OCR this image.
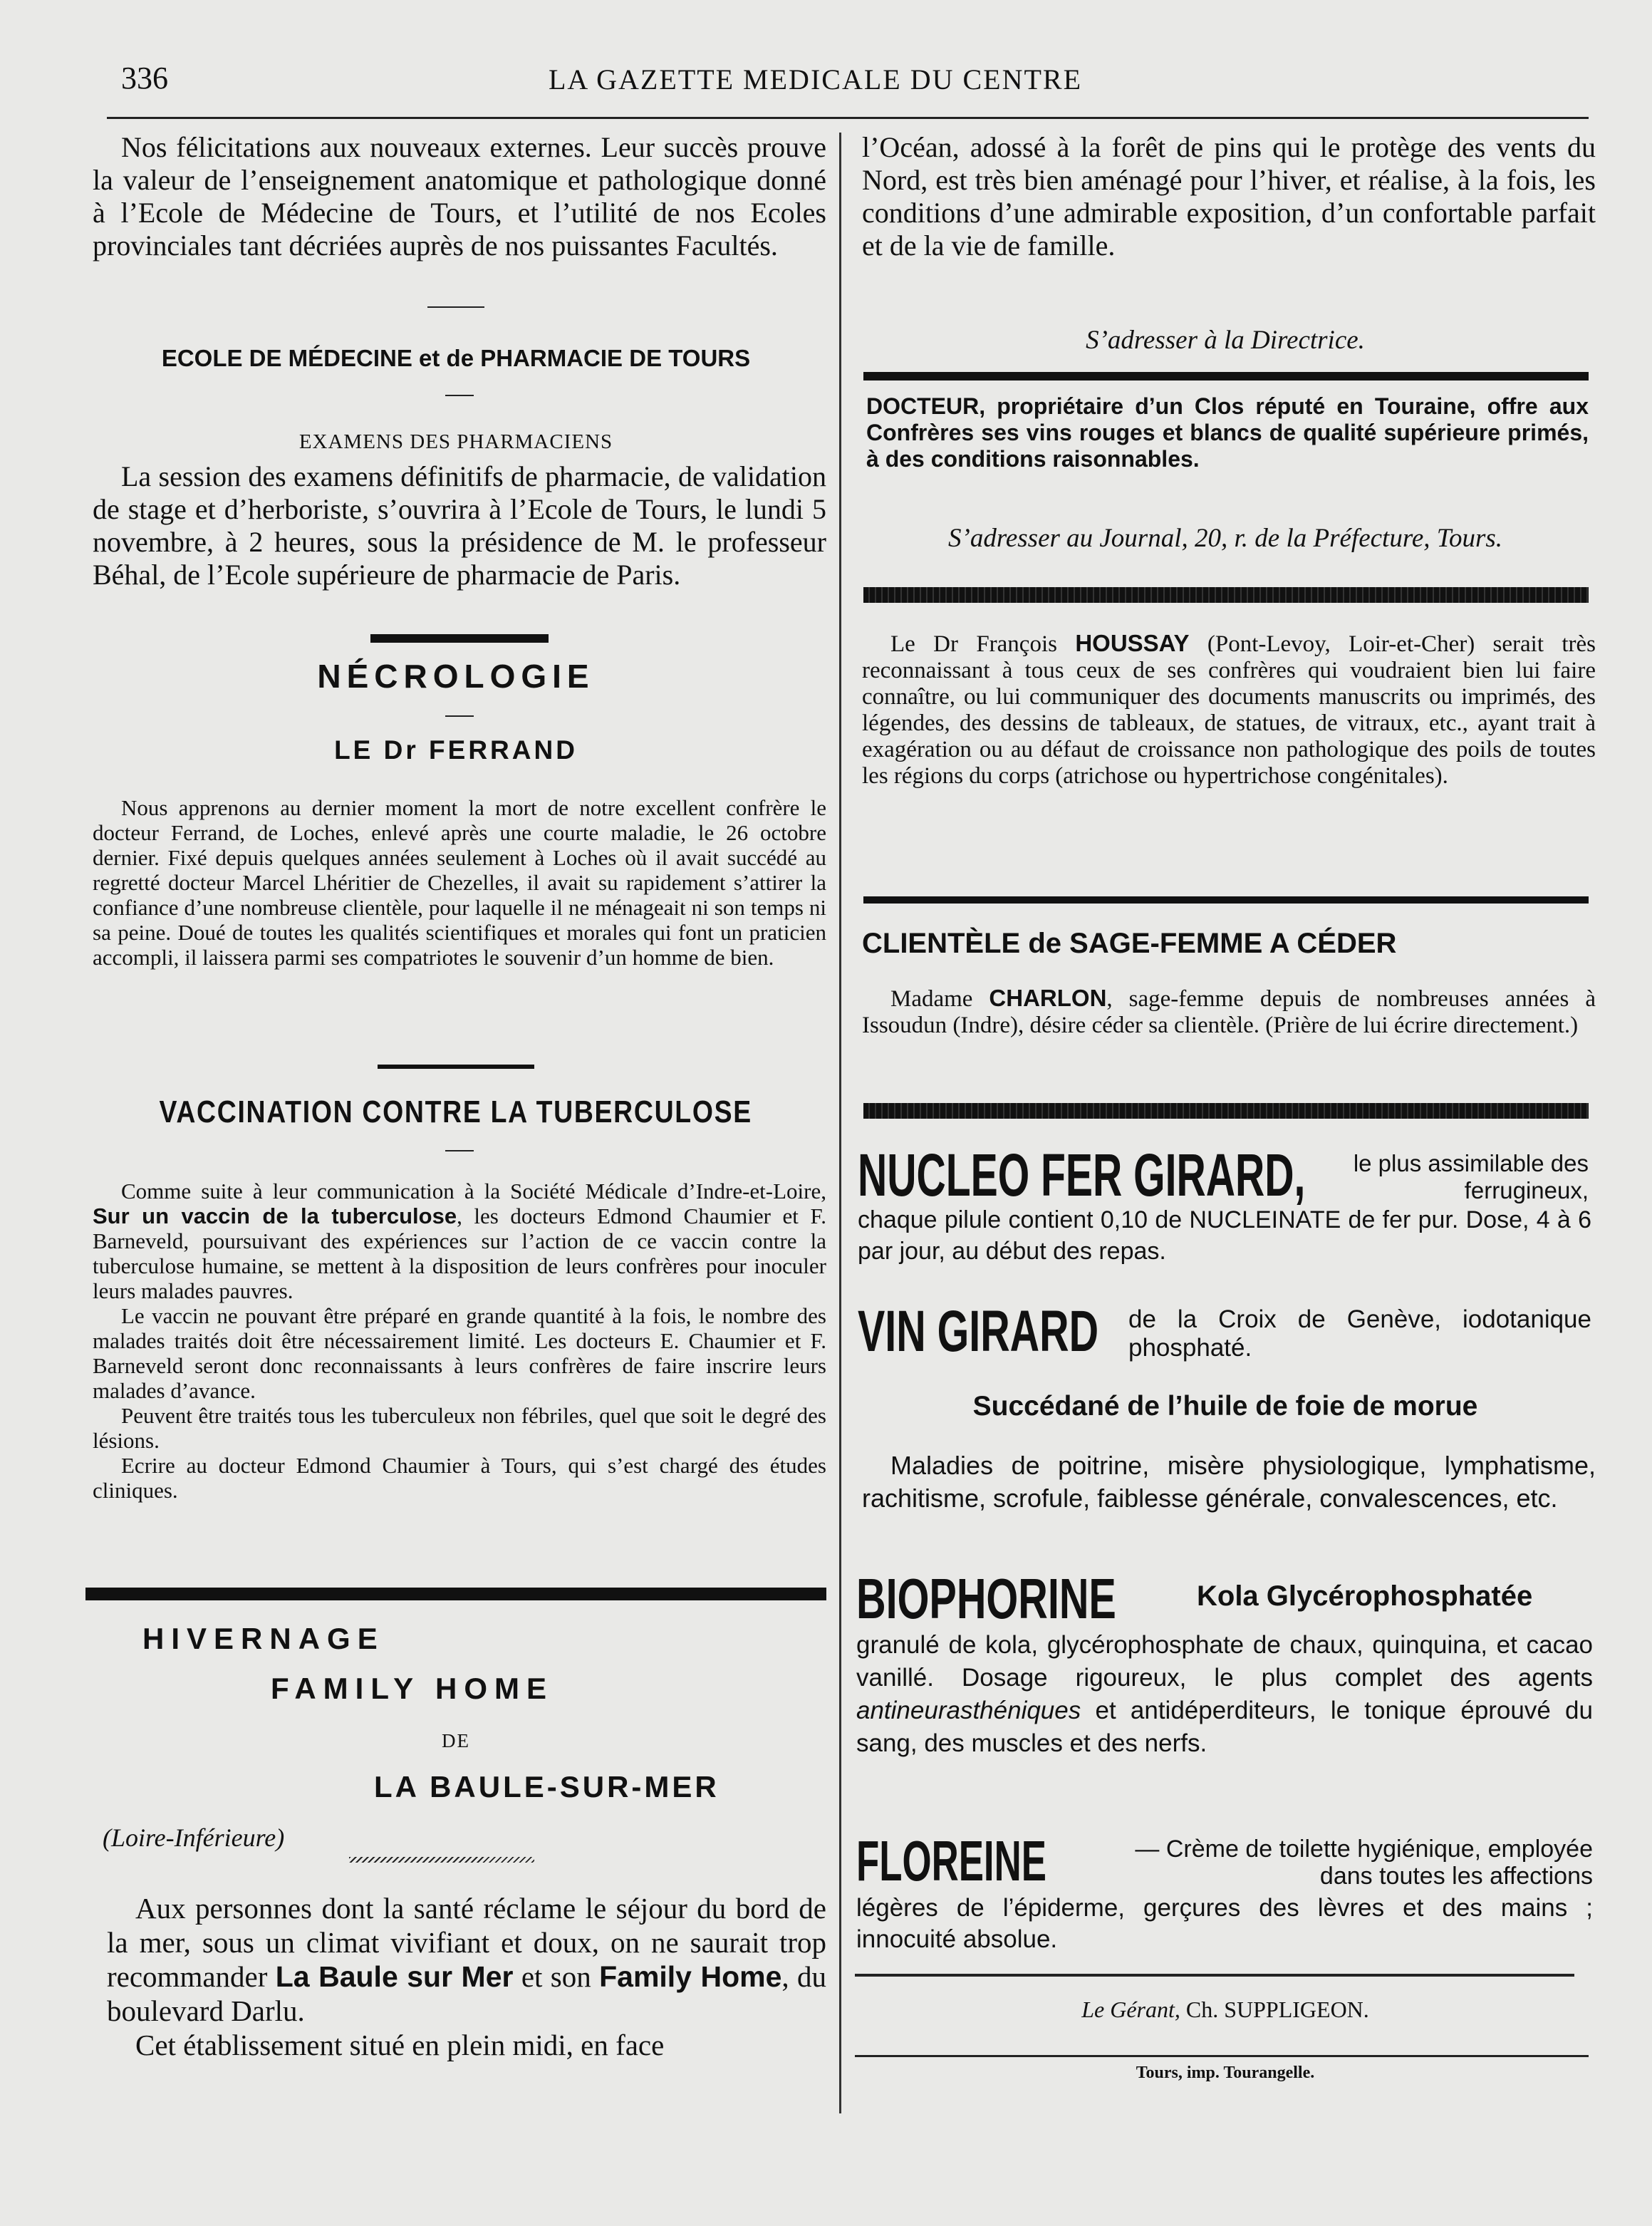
336	LA GAZETTE MEDICALE DU CENTRE

Nos félicitations aux nouveaux externes. Leur succès prouve la valeur de l’enseignement anatomique et pathologique donné à l’Ecole de Médecine de Tours, et l’utilité de nos Ecoles provinciales tant décriées auprès de nos puissantes Facultés.

ECOLE DE MÉDECINE et de PHARMACIE DE TOURS

EXAMENS DES PHARMACIENS

La session des examens définitifs de pharmacie, de validation de stage et d’herboriste, s’ouvrira à l’Ecole de Tours, le lundi 5 novembre, à 2 heures, sous la présidence de M. le professeur Béhal, de l’Ecole supérieure de pharmacie de Paris.

NÉCROLOGIE

LE Dr FERRAND

Nous apprenons au dernier moment la mort de notre excellent confrère le docteur Ferrand, de Loches, enlevé après une courte maladie, le 26 octobre dernier. Fixé depuis quelques années seulement à Loches où il avait succédé au regretté docteur Marcel Lhéritier de Chezelles, il avait su rapidement s’attirer la confiance d’une nombreuse clientèle, pour laquelle il ne ménageait ni son temps ni sa peine. Doué de toutes les qualités scientifiques et morales qui font un praticien accompli, il laissera parmi ses compatriotes le souvenir d’un homme de bien.

VACCINATION CONTRE LA TUBERCULOSE

Comme suite à leur communication à la Société Médicale d’Indre-et-Loire, Sur un vaccin de la tuberculose, les docteurs Edmond Chaumier et F. Barneveld, poursuivant des expériences sur l’action de ce vaccin contre la tuberculose humaine, se mettent à la disposition de leurs confrères pour inoculer leurs malades pauvres.

Le vaccin ne pouvant être préparé en grande quantité à la fois, le nombre des malades traités doit être nécessairement limité. Les docteurs E. Chaumier et F. Barneveld seront donc reconnaissants à leurs confrères de faire inscrire leurs malades d’avance.

Peuvent être traités tous les tuberculeux non fébriles, quel que soit le degré des lésions.

Ecrire au docteur Edmond Chaumier à Tours, qui s’est chargé des études cliniques.

HIVERNAGE

FAMILY HOME

DE

LA BAULE-SUR-MER

(Loire-Inférieure)

Aux personnes dont la santé réclame le séjour du bord de la mer, sous un climat vivifiant et doux, on ne saurait trop recommander La Baule sur Mer et son Family Home, du boulevard Darlu.

Cet établissement situé en plein midi, en face

l’Océan, adossé à la forêt de pins qui le protège des vents du Nord, est très bien aménagé pour l’hiver, et réalise, à la fois, les conditions d’une admirable exposition, d’un confortable parfait et de la vie de famille.

S’adresser à la Directrice.

DOCTEUR, propriétaire d’un Clos réputé en Touraine, offre aux Confrères ses vins rouges et blancs de qualité supérieure primés, à des conditions raisonnables.

S’adresser au Journal, 20, r. de la Préfecture, Tours.

Le Dr François HOUSSAY (Pont-Levoy, Loir-et-Cher) serait très reconnaissant à tous ceux de ses confrères qui voudraient bien lui faire connaître, ou lui communiquer des documents manuscrits ou imprimés, des légendes, des dessins de tableaux, de statues, de vitraux, etc., ayant trait à exagération ou au défaut de croissance non pathologique des poils de toutes les régions du corps (atrichose ou hypertrichose congénitales).

CLIENTÈLE de SAGE-FEMME A CÉDER

Madame CHARLON, sage-femme depuis de nombreuses années à Issoudun (Indre), désire céder sa clientèle. (Prière de lui écrire directement.)

NUCLEO FER GIRARD,	le plus assimilable des ferrugineux,

chaque pilule contient 0,10 de NUCLEINATE de fer pur. Dose, 4 à 6 par jour, au début des repas.

VIN GIRARD de la Croix de Genève, iodotanique phosphaté.

Succédané de l’huile de foie de morue

Maladies de poitrine, misère physiologique, lymphatisme, rachitisme, scrofule, faiblesse générale, convalescences, etc.

BIOPHORINE	Kola Glycérophosphatée

granulé de kola, glycérophosphate de chaux, quinquina, et cacao vanillé. Dosage rigoureux, le plus complet des agents antineurasthéniques et antidéperditeurs, le tonique éprouvé du sang, des muscles et des nerfs.

FLOREINE	— Crème de toilette hygiénique, employée dans toutes les affections

légères de l’épiderme, gerçures des lèvres et des mains ; innocuité absolue.

Le Gérant, Ch. SUPPLIGEON.

Tours, imp. Tourangelle.
